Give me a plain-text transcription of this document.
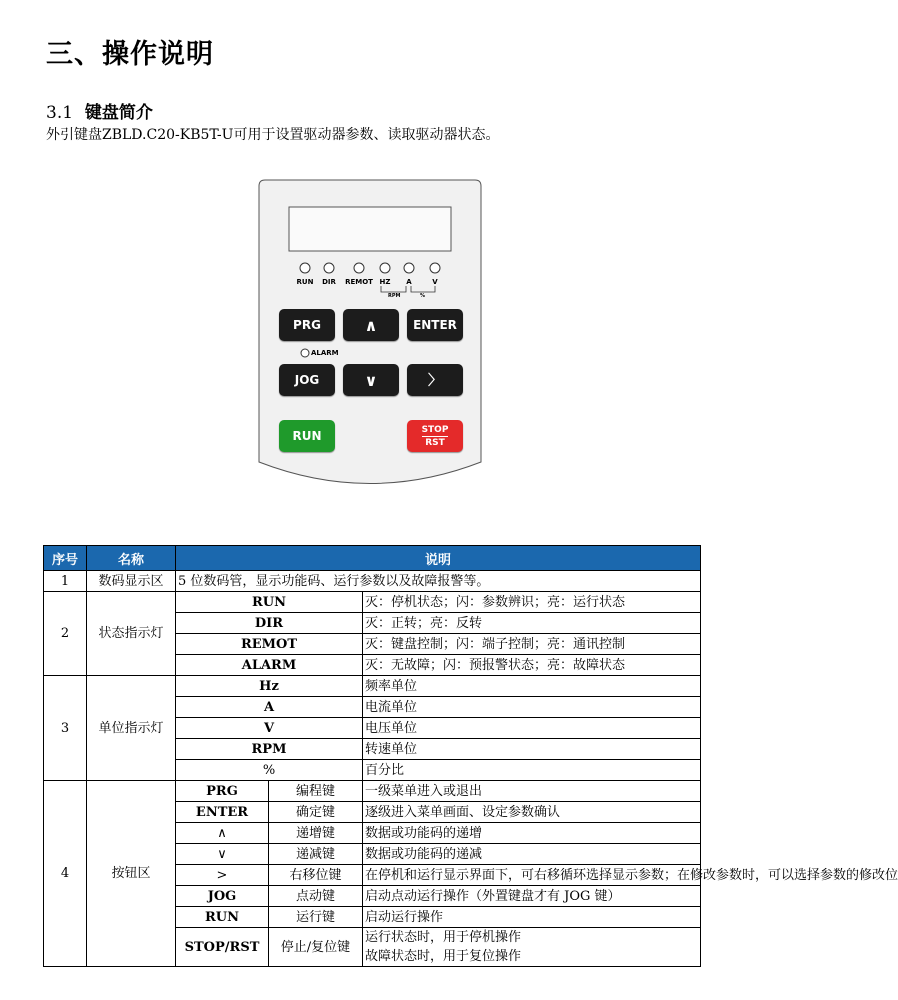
三、操作说明
3.1 键盘简介
外引键盘ZBLD.C20-KB5T-U可用于设置驱动器参数、读取驱动器状态。
RUN	DIR	REMOT HZ	A	V
RPM	%
PRG	∧	ENTER
ALARM
JOG	∨	〉
RUN	STOP
RST
序号	名称	说明		
1	数码显示区	5 位数码管，显示功能码、运行参数以及故障报警等。		
2	状态指示灯	RUN		灭：停机状态；闪：参数辨识；亮：运行状态
		DIR		灭：正转；亮：反转
		REMOT		灭：键盘控制；闪：端子控制；亮：通讯控制
		ALARM		灭：无故障；闪：预报警状态；亮：故障状态
3	单位指示灯	Hz		频率单位
		A		电流单位
		V		电压单位
		RPM		转速单位
		%		百分比
4	按钮区	PRG	编程键	一级菜单进入或退出
		ENTER	确定键	逐级进入菜单画面、设定参数确认
		∧	递增键	数据或功能码的递增
		∨	递减键	数据或功能码的递减
		>	右移位键	在停机和运行显示界面下，可右移循环选择显示参数；在修改参数时，可以选择参数的修改位
		JOG	点动键	启动点动运行操作（外置键盘才有 JOG 键）
		RUN	运行键	启动运行操作
		STOP/RST	停止/复位键	运行状态时，用于停机操作
				故障状态时，用于复位操作
